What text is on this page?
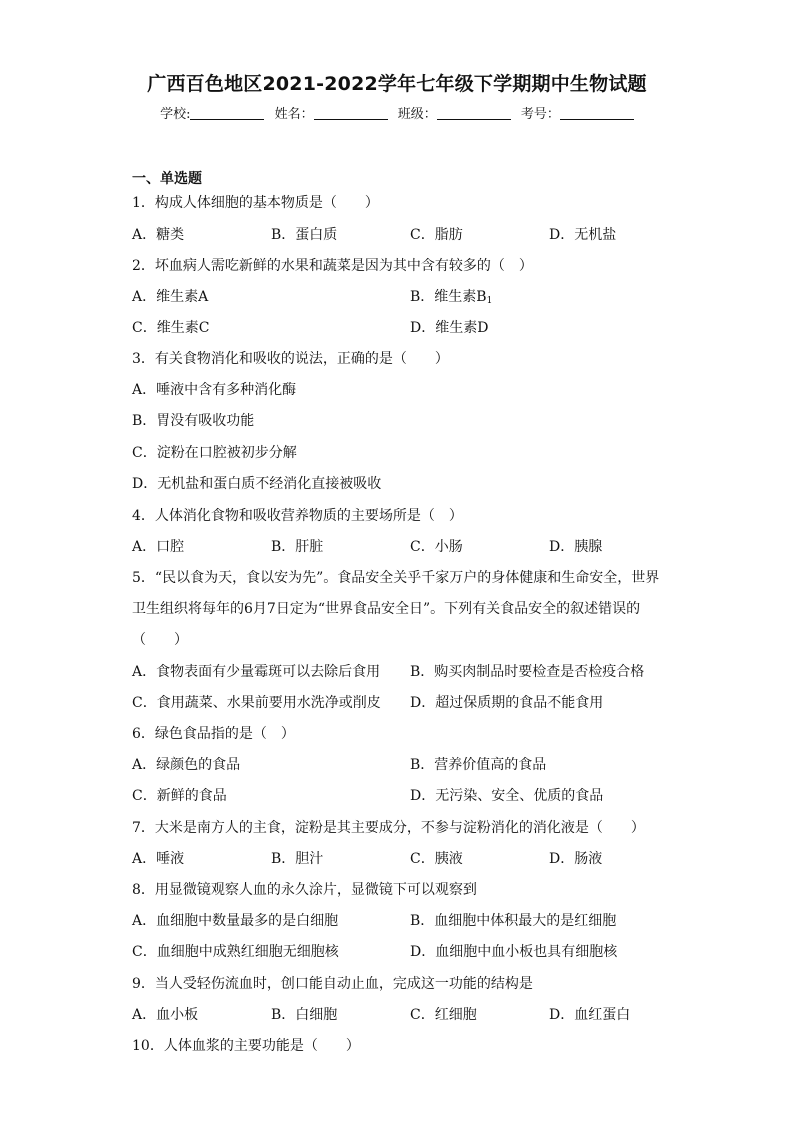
广西百色地区2021-2022学年七年级下学期期中生物试题
学校:	姓名：	班级：	考号：
一、单选题
1．构成人体细胞的基本物质是（　　）
A．糖类	B．蛋白质	C．脂肪	D．无机盐
2．坏血病人需吃新鲜的水果和蔬菜是因为其中含有较多的（　）
A．维生素A	B．维生素$B_1$
C．维生素C	D．维生素D
3．有关食物消化和吸收的说法，正确的是（　　）
A．唾液中含有多种消化酶
B．胃没有吸收功能
C．淀粉在口腔被初步分解
D．无机盐和蛋白质不经消化直接被吸收
4．人体消化食物和吸收营养物质的主要场所是（　）
A．口腔	B．肝脏	C．小肠	D．胰腺
5．“民以食为天，食以安为先”。食品安全关乎千家万户的身体健康和生命安全，世界
卫生组织将每年的6月7日定为“世界食品安全日”。下列有关食品安全的叙述错误的
（　　）
A．食物表面有少量霉斑可以去除后食用 B．购买肉制品时要检查是否检疫合格
C．食用蔬菜、水果前要用水洗净或削皮 D．超过保质期的食品不能食用
6．绿色食品指的是（　）
A．绿颜色的食品	B．营养价值高的食品
C．新鲜的食品	D．无污染、安全、优质的食品
7．大米是南方人的主食，淀粉是其主要成分，不参与淀粉消化的消化液是（　　）
A．唾液	B．胆汁	C．胰液	D．肠液
8．用显微镜观察人血的永久涂片，显微镜下可以观察到
A．血细胞中数量最多的是白细胞	B．血细胞中体积最大的是红细胞
C．血细胞中成熟红细胞无细胞核	D．血细胞中血小板也具有细胞核
9．当人受轻伤流血时，创口能自动止血，完成这一功能的结构是
A．血小板	B．白细胞	C．红细胞	D．血红蛋白
10．人体血浆的主要功能是（　　）
